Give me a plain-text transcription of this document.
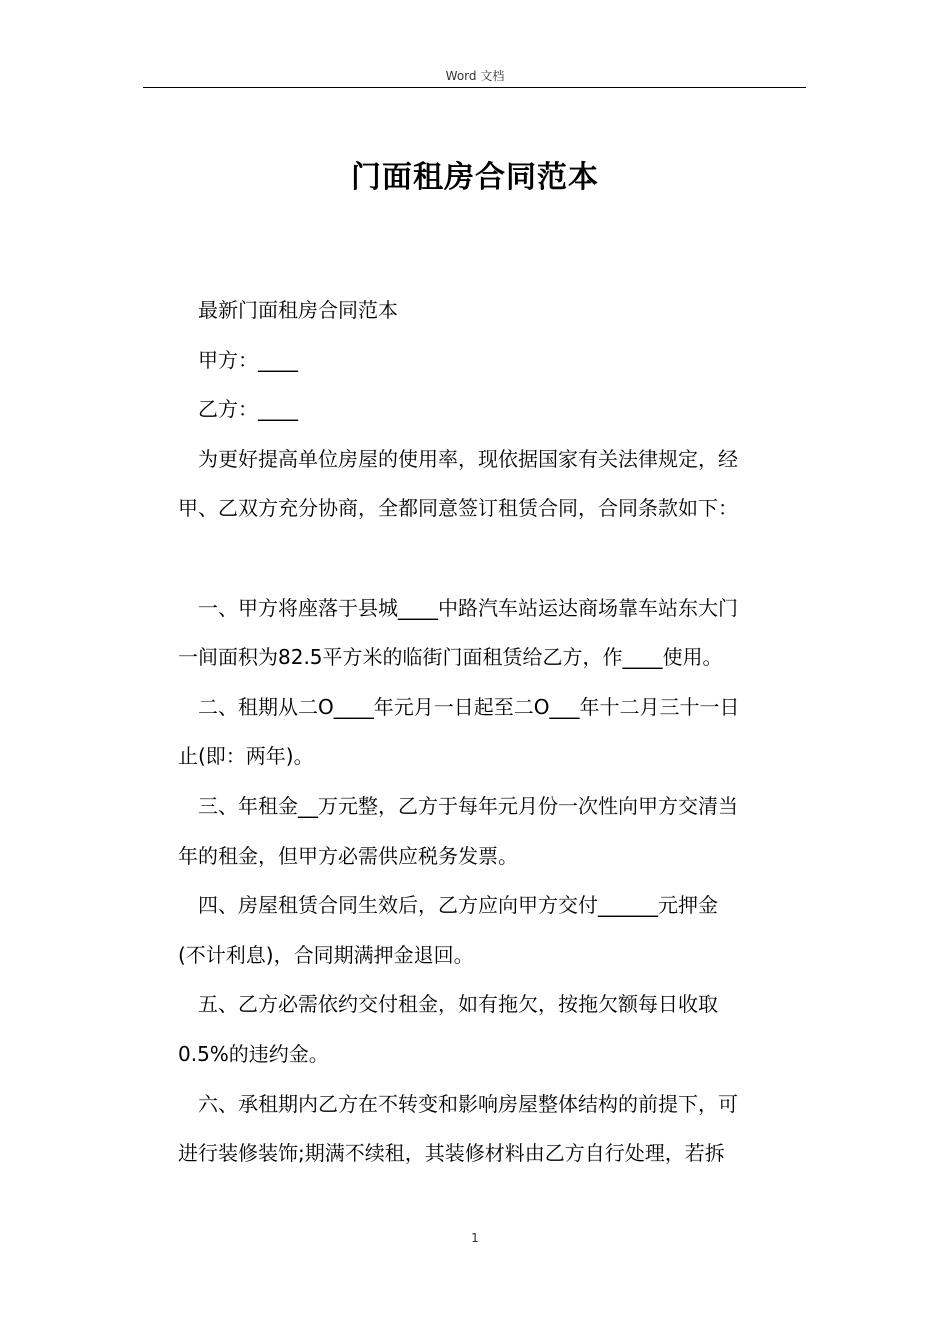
Word 文档
门面租房合同范本

最新门面租房合同范本

甲方：____

乙方：____

为更好提高单位房屋的使用率，现依据国家有关法律规定，经
甲、乙双方充分协商，全都同意签订租赁合同，合同条款如下：
一、甲方将座落于县城____中路汽车站运达商场靠车站东大门
一间面积为82.5平方米的临街门面租赁给乙方，作____使用。
二、租期从二O____年元月一日起至二O___年十二月三十一日
止(即：两年)。
三、年租金__万元整，乙方于每年元月份一次性向甲方交清当
年的租金，但甲方必需供应税务发票。
四、房屋租赁合同生效后，乙方应向甲方交付______元押金
(不计利息)，合同期满押金退回。
五、乙方必需依约交付租金，如有拖欠，按拖欠额每日收取
0.5%的违约金。
六、承租期内乙方在不转变和影响房屋整体结构的前提下，可
进行装修装饰;期满不续租，其装修材料由乙方自行处理，若拆
1
